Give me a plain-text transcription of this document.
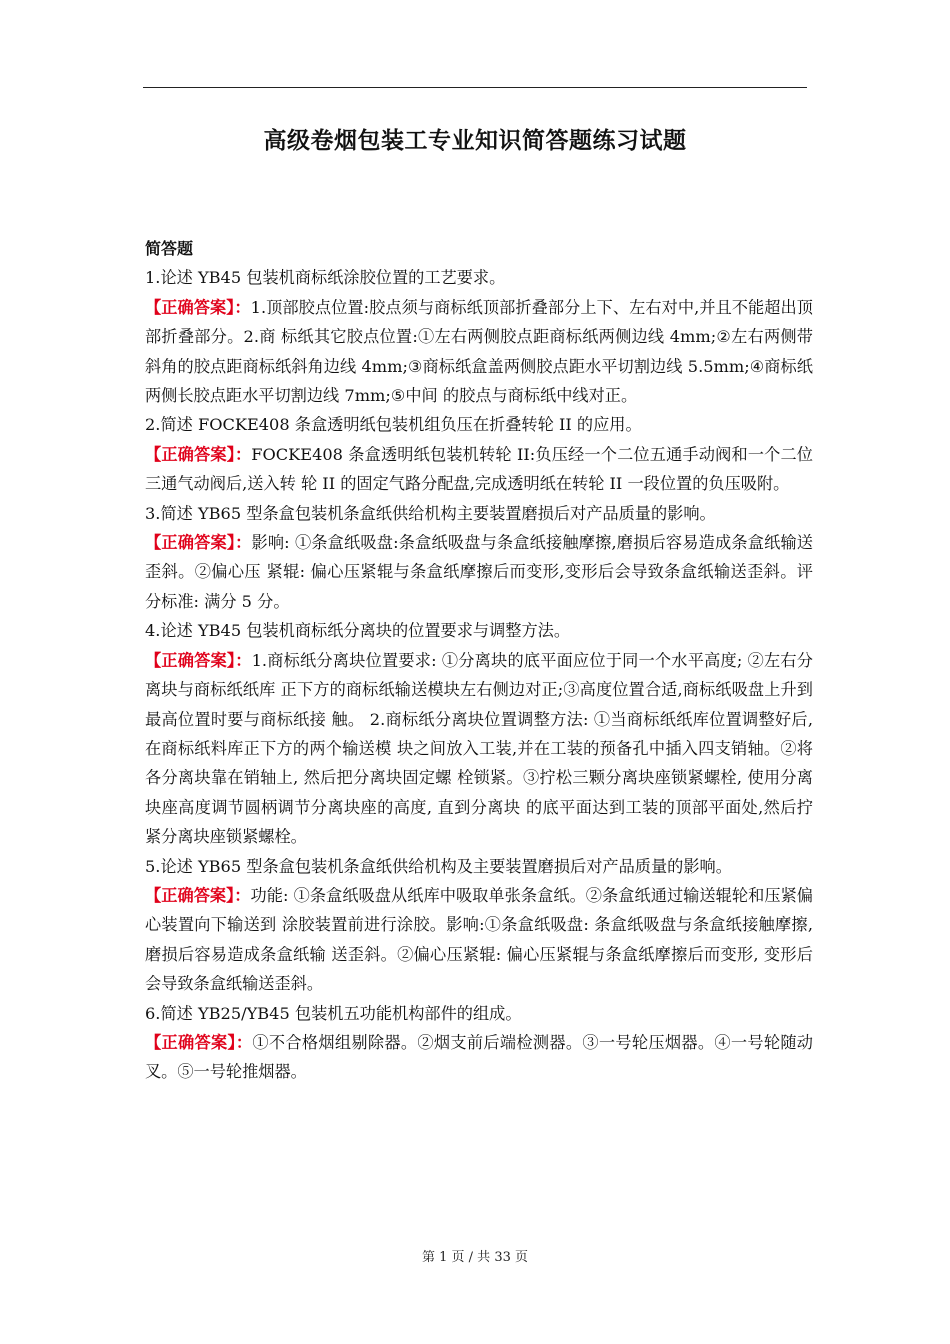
高级卷烟包装工专业知识简答题练习试题

简答题

1.论述 YB45 包装机商标纸涂胶位置的工艺要求。

【正确答案】：1.顶部胶点位置:胶点须与商标纸顶部折叠部分上下、左右对中,并且不能超出顶部折叠部分。2.商 标纸其它胶点位置:①左右两侧胶点距商标纸两侧边线 4mm;②左右两侧带斜角的胶点距商标纸斜角边线 4mm;③商标纸盒盖两侧胶点距水平切割边线 5.5mm;④商标纸两侧长胶点距水平切割边线 7mm;⑤中间 的胶点与商标纸中线对正。

2.简述 FOCKE408 条盒透明纸包装机组负压在折叠转轮 II 的应用。

【正确答案】：FOCKE408 条盒透明纸包装机转轮 II:负压经一个二位五通手动阀和一个二位三通气动阀后,送入转 轮 II 的固定气路分配盘,完成透明纸在转轮 II 一段位置的负压吸附。

3.简述 YB65 型条盒包装机条盒纸供给机构主要装置磨损后对产品质量的影响。

【正确答案】：影响: ①条盒纸吸盘:条盒纸吸盘与条盒纸接触摩擦,磨损后容易造成条盒纸输送歪斜。②偏心压 紧辊: 偏心压紧辊与条盒纸摩擦后而变形,变形后会导致条盒纸输送歪斜。评分标准: 满分 5 分。

4.论述 YB45 包装机商标纸分离块的位置要求与调整方法。

【正确答案】：1.商标纸分离块位置要求: ①分离块的底平面应位于同一个水平高度; ②左右分离块与商标纸纸库 正下方的商标纸输送模块左右侧边对正;③高度位置合适,商标纸吸盘上升到最高位置时要与商标纸接 触。 2.商标纸分离块位置调整方法: ①当商标纸纸库位置调整好后,在商标纸料库正下方的两个输送模 块之间放入工装,并在工装的预备孔中插入四支销轴。②将各分离块靠在销轴上, 然后把分离块固定螺 栓锁紧。③拧松三颗分离块座锁紧螺栓, 使用分离块座高度调节圆柄调节分离块座的高度, 直到分离块 的底平面达到工装的顶部平面处,然后拧紧分离块座锁紧螺栓。

5.论述 YB65 型条盒包装机条盒纸供给机构及主要装置磨损后对产品质量的影响。

【正确答案】：功能: ①条盒纸吸盘从纸库中吸取单张条盒纸。②条盒纸通过输送辊轮和压紧偏心装置向下输送到 涂胶装置前进行涂胶。影响:①条盒纸吸盘: 条盒纸吸盘与条盒纸接触摩擦,磨损后容易造成条盒纸输 送歪斜。②偏心压紧辊: 偏心压紧辊与条盒纸摩擦后而变形, 变形后会导致条盒纸输送歪斜。

6.简述 YB25/YB45 包装机五功能机构部件的组成。

【正确答案】：①不合格烟组剔除器。②烟支前后端检测器。③一号轮压烟器。④一号轮随动叉。⑤一号轮推烟器。

第 1 页 / 共 33 页
